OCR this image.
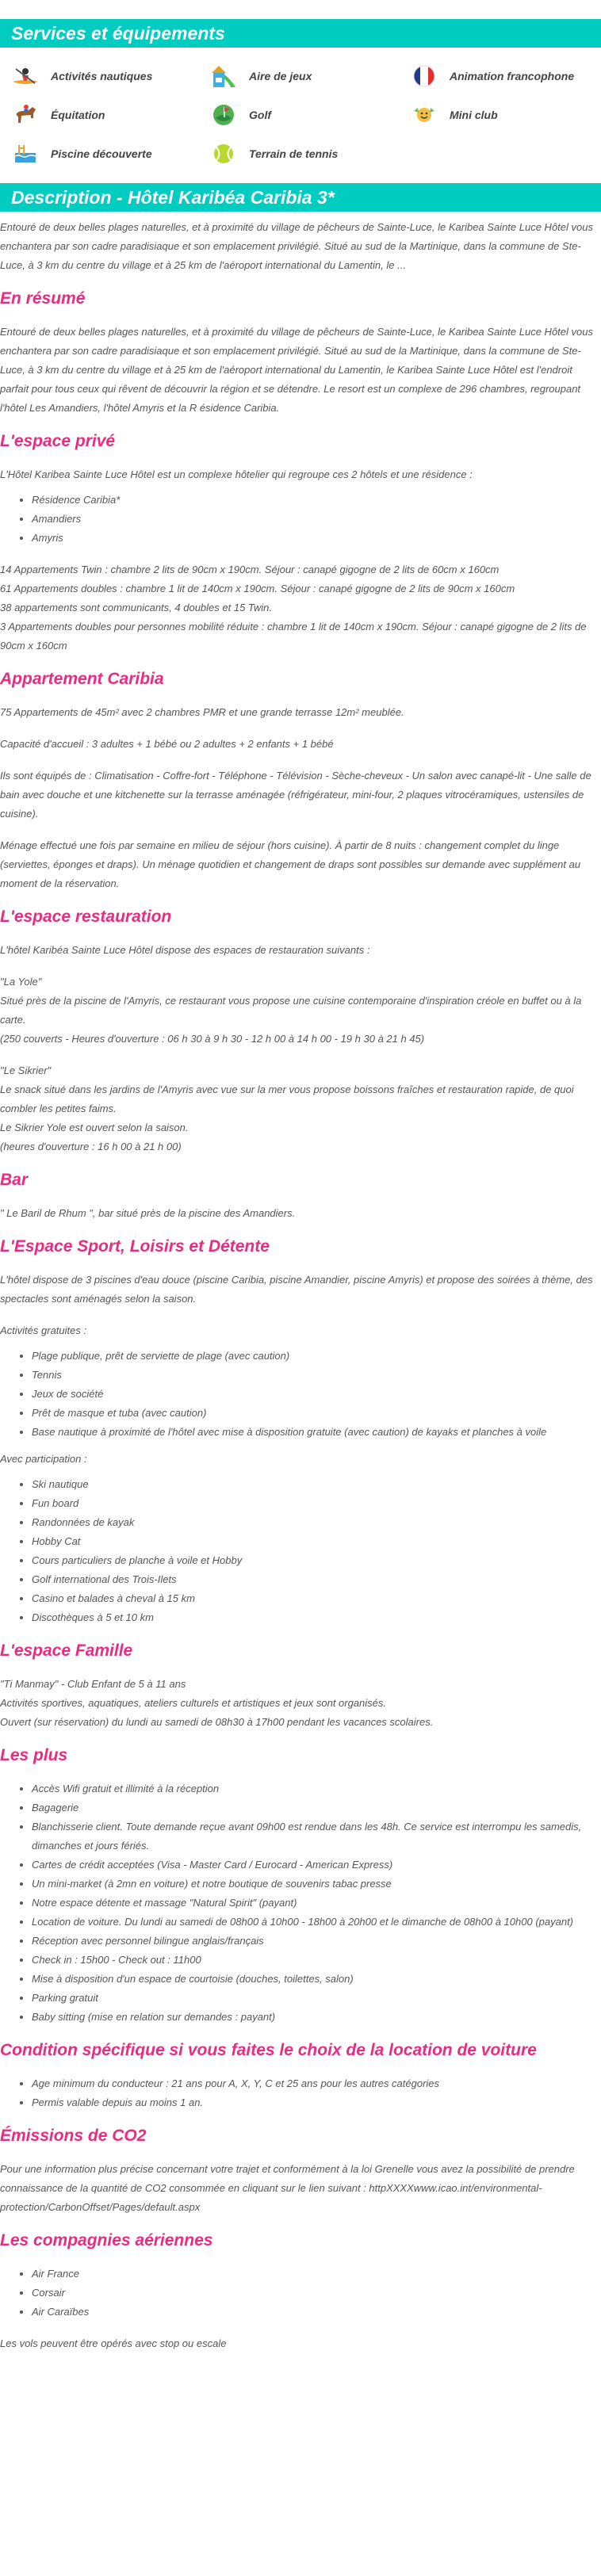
Services et équipements
Activités nautiques	Aire de jeux	Animation francophone
Équitation	Golf	Mini club
Piscine découverte	Terrain de tennis
Description - Hôtel Karibéa Caribia 3*

Entouré de deux belles plages naturelles, et à proximité du village de pêcheurs de Sainte-Luce, le Karibea Sainte Luce Hôtel vous enchantera par son cadre paradisiaque et son emplacement privilégié. Situé au sud de la Martinique, dans la commune de Ste-Luce, à 3 km du centre du village et à 25 km de l'aéroport international du Lamentin, le ...

En résumé

Entouré de deux belles plages naturelles, et à proximité du village de pêcheurs de Sainte-Luce, le Karibea Sainte Luce Hôtel vous enchantera par son cadre paradisiaque et son emplacement privilégié. Situé au sud de la Martinique, dans la commune de Ste-Luce, à 3 km du centre du village et à 25 km de l'aéroport international du Lamentin, le Karibea Sainte Luce Hôtel est l'endroit parfait pour tous ceux qui rêvent de découvrir la région et se détendre. Le resort est un complexe de 296 chambres, regroupant l'hôtel Les Amandiers, l'hôtel Amyris et la R ésidence Caribia.

L'espace privé

L'Hôtel Karibea Sainte Luce Hôtel est un complexe hôtelier qui regroupe ces 2 hôtels et une résidence :

• Résidence Caribia*
• Amandiers
• Amyris

14 Appartements Twin : chambre 2 lits de 90cm x 190cm. Séjour : canapé gigogne de 2 lits de 60cm x 160cm

61 Appartements doubles : chambre 1 lit de 140cm x 190cm. Séjour : canapé gigogne de 2 lits de 90cm x 160cm

38 appartements sont communicants, 4 doubles et 15 Twin.

3 Appartements doubles pour personnes mobilité réduite : chambre 1 lit de 140cm x 190cm. Séjour : canapé gigogne de 2 lits de 90cm x 160cm

Appartement Caribia

75 Appartements de 45m² avec 2 chambres PMR et une grande terrasse 12m² meublée.

Capacité d'accueil : 3 adultes + 1 bébé ou 2 adultes + 2 enfants + 1 bébé

Ils sont équipés de : Climatisation - Coffre-fort - Téléphone - Télévision - Sèche-cheveux - Un salon avec canapé-lit - Une salle de bain avec douche et une kitchenette sur la terrasse aménagée (réfrigérateur, mini-four, 2 plaques vitrocéramiques, ustensiles de cuisine).

Ménage effectué une fois par semaine en milieu de séjour (hors cuisine). À partir de 8 nuits : changement complet du linge (serviettes, éponges et draps). Un ménage quotidien et changement de draps sont possibles sur demande avec supplément au moment de la réservation.

L'espace restauration

L'hôtel Karibéa Sainte Luce Hôtel dispose des espaces de restauration suivants :

"La Yole"

Situé près de la piscine de l'Amyris, ce restaurant vous propose une cuisine contemporaine d'inspiration créole en buffet ou à la carte.

(250 couverts - Heures d'ouverture : 06 h 30 à 9 h 30 - 12 h 00 à 14 h 00 - 19 h 30 à 21 h 45)

"Le Sikrier"

Le snack situé dans les jardins de l'Amyris avec vue sur la mer vous propose boissons fraîches et restauration rapide, de quoi combler les petites faims.

Le Sikrier Yole est ouvert selon la saison.

(heures d'ouverture : 16 h 00 à 21 h 00)

Bar

" Le Baril de Rhum ", bar situé près de la piscine des Amandiers.

L'Espace Sport, Loisirs et Détente

L'hôtel dispose de 3 piscines d'eau douce (piscine Caribia, piscine Amandier, piscine Amyris) et propose des soirées à thème, des spectacles sont aménagés selon la saison.

Activités gratuites :

• Plage publique, prêt de serviette de plage (avec caution)
• Tennis
• Jeux de société
• Prêt de masque et tuba (avec caution)
• Base nautique à proximité de l'hôtel avec mise à disposition gratuite (avec caution) de kayaks et planches à voile

Avec participation :

• Ski nautique
• Fun board
• Randonnées de kayak
• Hobby Cat
• Cours particuliers de planche à voile et Hobby
• Golf international des Trois-Ilets
• Casino et balades à cheval à 15 km
• Discothèques à 5 et 10 km
L'espace Famille

"Ti Manmay" - Club Enfant de 5 à 11 ans

Activités sportives, aquatiques, ateliers culturels et artistiques et jeux sont organisés.

Ouvert (sur réservation) du lundi au samedi de 08h30 à 17h00 pendant les vacances scolaires.

Les plus
• Accès Wifi gratuit et illimité à la réception
• Bagagerie
• Blanchisserie client. Toute demande reçue avant 09h00 est rendue dans les 48h. Ce service est interrompu les samedis, dimanches et jours fériés.
• Cartes de crédit acceptées (Visa - Master Card / Eurocard - American Express)
• Un mini-market (à 2mn en voiture) et notre boutique de souvenirs tabac presse
• Notre espace détente et massage "Natural Spirit" (payant)
• Location de voiture. Du lundi au samedi de 08h00 à 10h00 - 18h00 à 20h00 et le dimanche de 08h00 à 10h00 (payant)
• Réception avec personnel bilingue anglais/français
• Check in : 15h00 - Check out : 11h00
• Mise à disposition d'un espace de courtoisie (douches, toilettes, salon)
• Parking gratuit
• Baby sitting (mise en relation sur demandes : payant)
Condition spécifique si vous faites le choix de la location de voiture
• Age minimum du conducteur : 21 ans pour A, X, Y, C et 25 ans pour les autres catégories
• Permis valable depuis au moins 1 an.
Émissions de CO2

Pour une information plus précise concernant votre trajet et conformément à la loi Grenelle vous avez la possibilité de prendre connaissance de la quantité de CO2 consommée en cliquant sur le lien suivant : httpXXXXwww.icao.int/environmental-protection/CarbonOffset/Pages/default.aspx

Les compagnies aériennes
• Air France
• Corsair
• Air Caraïbes

Les vols peuvent être opérés avec stop ou escale
